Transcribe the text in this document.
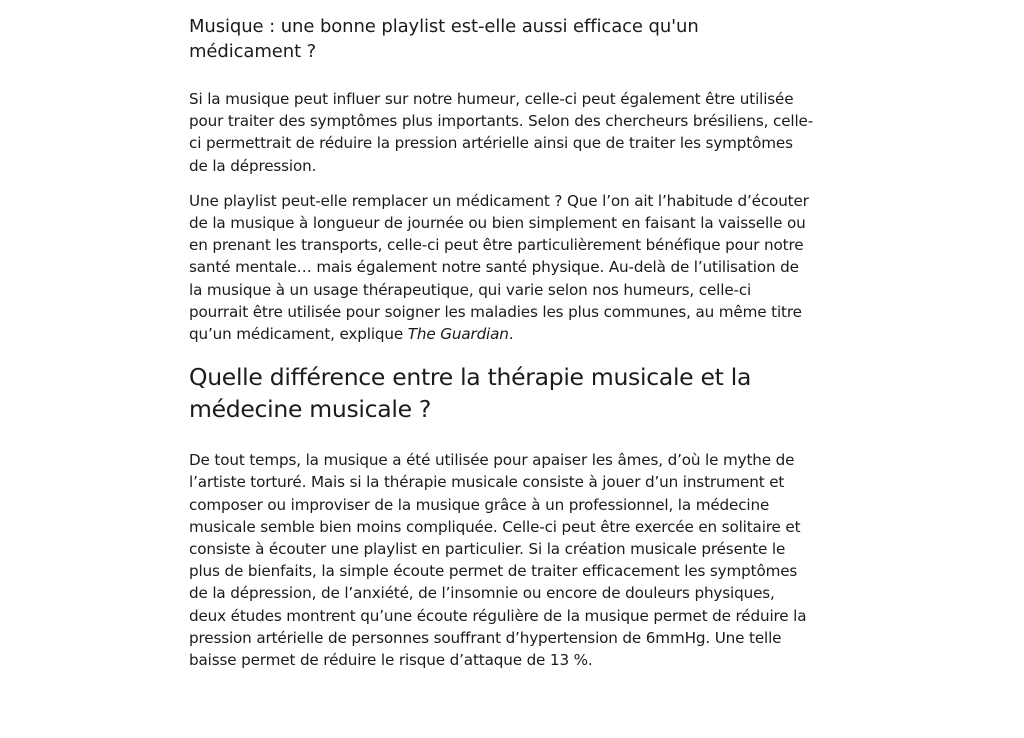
Musique : une bonne playlist est-elle aussi efficace qu'un médicament ?

Si la musique peut influer sur notre humeur, celle-ci peut également être utilisée pour traiter des symptômes plus importants. Selon des chercheurs brésiliens, celle-ci permettrait de réduire la pression artérielle ainsi que de traiter les symptômes de la dépression.

Une playlist peut-elle remplacer un médicament ? Que l’on ait l’habitude d’écouter de la musique à longueur de journée ou bien simplement en faisant la vaisselle ou en prenant les transports, celle-ci peut être particulièrement bénéfique pour notre santé mentale… mais également notre santé physique. Au-delà de l’utilisation de la musique à un usage thérapeutique, qui varie selon nos humeurs, celle-ci pourrait être utilisée pour soigner les maladies les plus communes, au même titre qu’un médicament, explique The Guardian.

Quelle différence entre la thérapie musicale et la médecine musicale ?

De tout temps, la musique a été utilisée pour apaiser les âmes, d’où le mythe de l’artiste torturé. Mais si la thérapie musicale consiste à jouer d’un instrument et composer ou improviser de la musique grâce à un professionnel, la médecine musicale semble bien moins compliquée. Celle-ci peut être exercée en solitaire et consiste à écouter une playlist en particulier. Si la création musicale présente le plus de bienfaits, la simple écoute permet de traiter efficacement les symptômes de la dépression, de l’anxiété, de l’insomnie ou encore de douleurs physiques, deux études montrent qu’une écoute régulière de la musique permet de réduire la pression artérielle de personnes souffrant d’hypertension de 6mmHg. Une telle baisse permet de réduire le risque d’attaque de 13 %.
